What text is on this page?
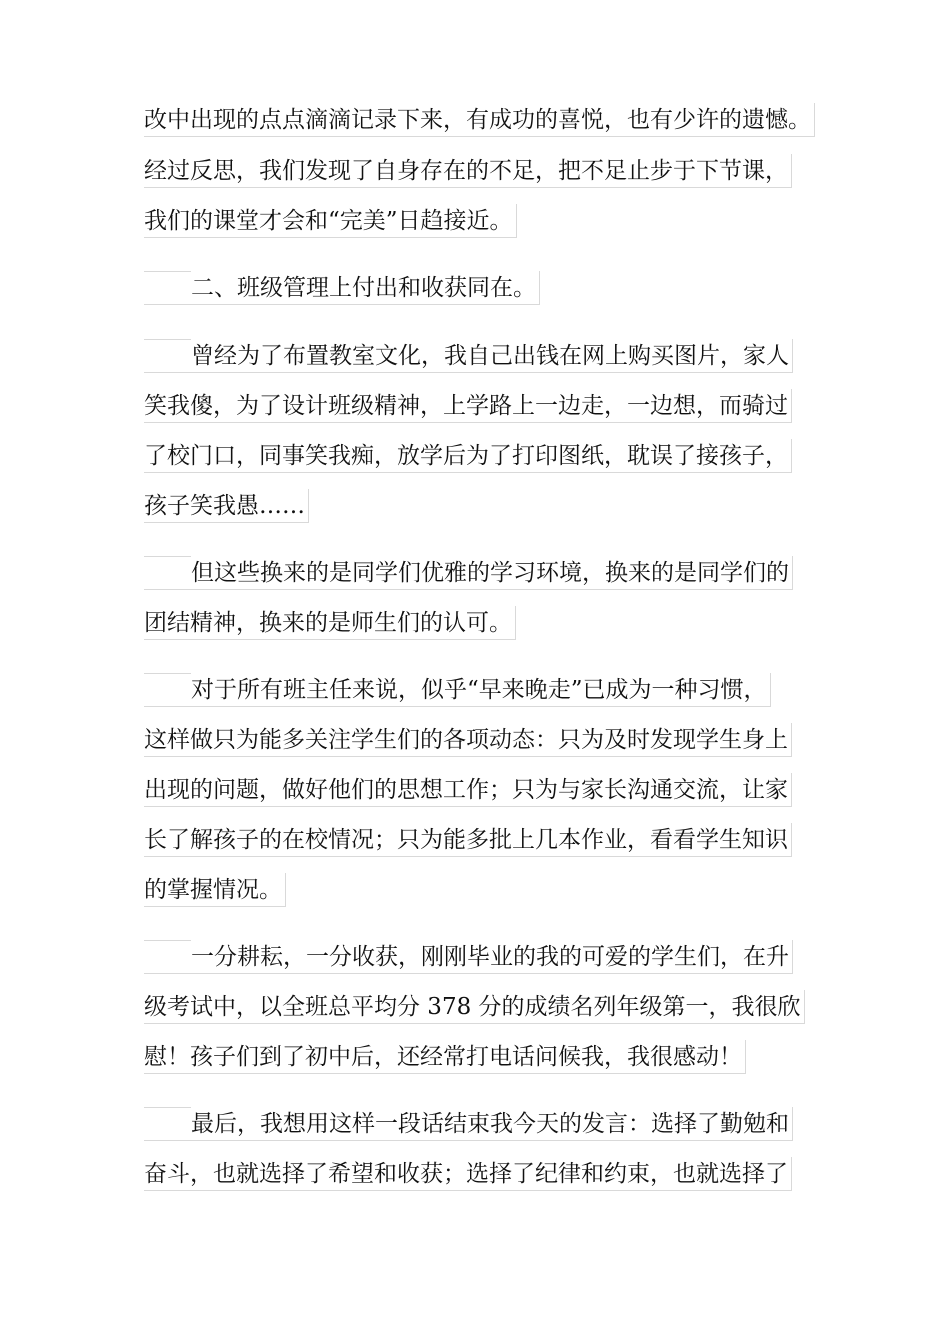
改中出现的点点滴滴记录下来，有成功的喜悦，也有少许的遗憾。
经过反思，我们发现了自身存在的不足，把不足止步于下节课，
我们的课堂才会和“完美”日趋接近。
二、班级管理上付出和收获同在。
曾经为了布置教室文化，我自己出钱在网上购买图片，家人
笑我傻，为了设计班级精神，上学路上一边走，一边想，而骑过
了校门口，同事笑我痴，放学后为了打印图纸，耽误了接孩子，
孩子笑我愚……
但这些换来的是同学们优雅的学习环境，换来的是同学们的
团结精神，换来的是师生们的认可。
对于所有班主任来说，似乎“早来晚走”已成为一种习惯，
这样做只为能多关注学生们的各项动态：只为及时发现学生身上
出现的问题，做好他们的思想工作；只为与家长沟通交流，让家
长了解孩子的在校情况；只为能多批上几本作业，看看学生知识
的掌握情况。
一分耕耘，一分收获，刚刚毕业的我的可爱的学生们，在升
级考试中，以全班总平均分 378 分的成绩名列年级第一，我很欣
慰！孩子们到了初中后，还经常打电话问候我，我很感动！
最后，我想用这样一段话结束我今天的发言：选择了勤勉和
奋斗，也就选择了希望和收获；选择了纪律和约束，也就选择了
